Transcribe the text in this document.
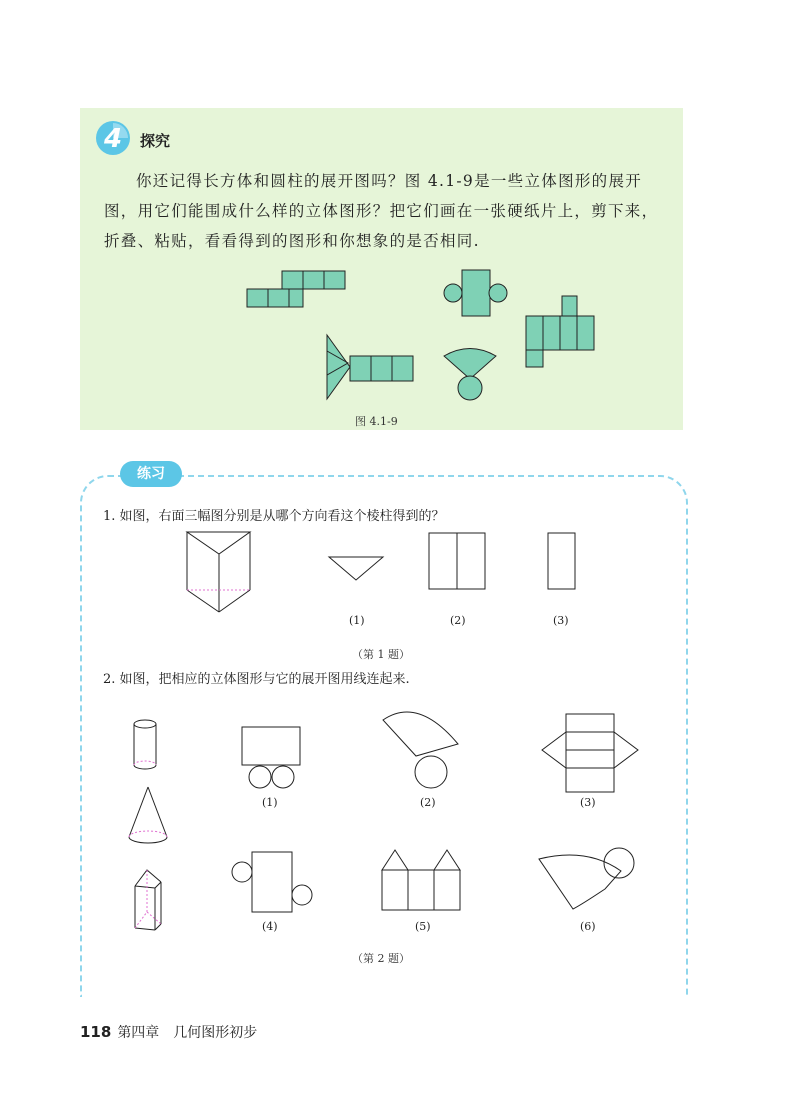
4 探究

你还记得长方体和圆柱的展开图吗？图 4.1-9是一些立体图形的展开图，用它们能围成什么样的立体图形？把它们画在一张硬纸片上，剪下来，折叠、粘贴，看看得到的图形和你想象的是否相同.

图 4.1-9
练习
1. 如图，右面三幅图分别是从哪个方向看这个棱柱得到的？
(1)	(2)	(3)
（第 1 题）
2. 如图，把相应的立体图形与它的展开图用线连起来.
(1)	(2)	(3)
(4)	(5)	(6)
（第 2 题）
118 第四章　几何图形初步
